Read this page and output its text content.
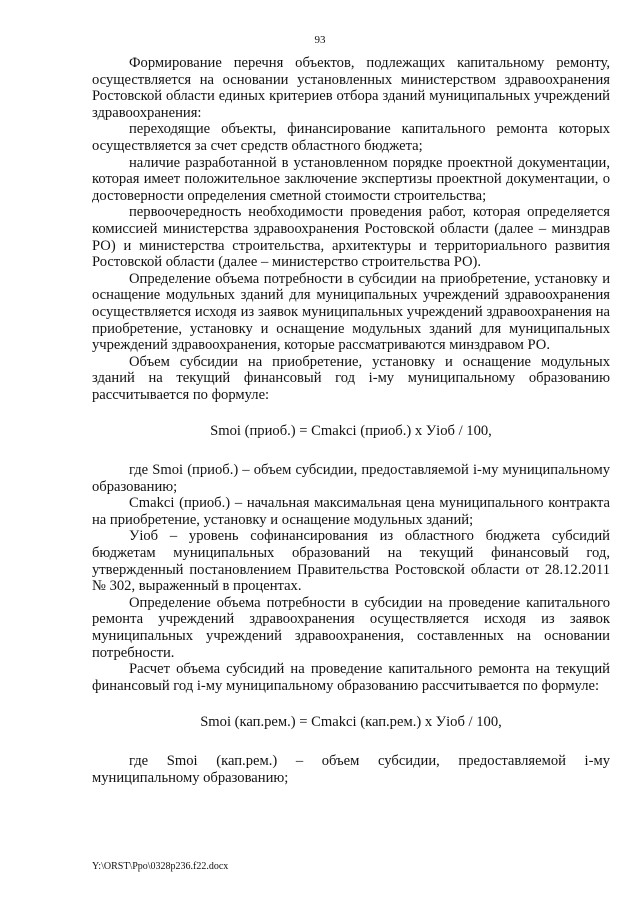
93

Формирование перечня объектов, подлежащих капитальному ремонту, осуществляется на основании установленных министерством здравоохранения Ростовской области единых критериев отбора зданий муниципальных учреждений здравоохранения:

переходящие объекты, финансирование капитального ремонта которых осуществляется за счет средств областного бюджета;

наличие разработанной в установленном порядке проектной документации, которая имеет положительное заключение экспертизы проектной документации, о достоверности определения сметной стоимости строительства;

первоочередность необходимости проведения работ, которая определяется комиссией министерства здравоохранения Ростовской области (далее – минздрав РО) и министерства строительства, архитектуры и территориального развития Ростовской области (далее – министерство строительства РО).

Определение объема потребности в субсидии на приобретение, установку и оснащение модульных зданий для муниципальных учреждений здравоохранения осуществляется исходя из заявок муниципальных учреждений здравоохранения на приобретение, установку и оснащение модульных зданий для муниципальных учреждений здравоохранения, которые рассматриваются минздравом РО.

Объем субсидии на приобретение, установку и оснащение модульных зданий на текущий финансовый год i-му муниципальному образованию рассчитывается по формуле:

Smoi (приоб.) = Cmakci (приоб.) x Уioб / 100,

где Smoi (приоб.) – объем субсидии, предоставляемой i-му муниципальному образованию;

Cmakci (приоб.) – начальная максимальная цена муниципального контракта на приобретение, установку и оснащение модульных зданий;

Уioб – уровень софинансирования из областного бюджета субсидий бюджетам муниципальных образований на текущий финансовый год, утвержденный постановлением Правительства Ростовской области от 28.12.2011 № 302, выраженный в процентах.

Определение объема потребности в субсидии на проведение капитального ремонта учреждений здравоохранения осуществляется исходя из заявок муниципальных учреждений здравоохранения, составленных на основании потребности.

Расчет объема субсидий на проведение капитального ремонта на текущий финансовый год i-му муниципальному образованию рассчитывается по формуле:

Smoi (кап.рем.) = Cmakci (кап.рем.) x Уioб / 100,

где Smoi (кап.рем.) – объем субсидии, предоставляемой i-му муниципальному образованию;

Y:\ORST\Ppo\0328p236.f22.docx
